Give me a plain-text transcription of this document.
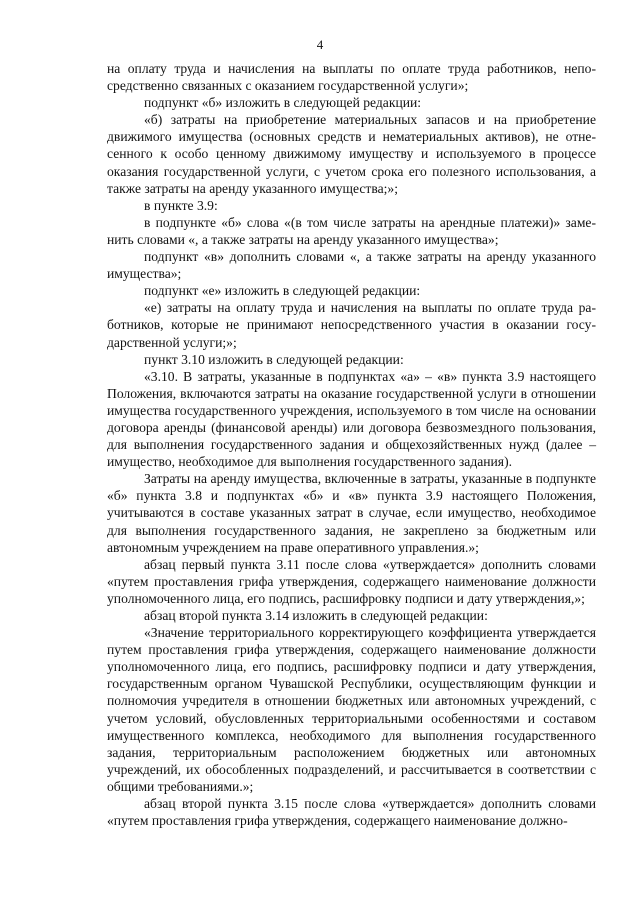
4

на оплату труда и начисления на выплаты по оплате труда работников, непосредственно связанных с оказанием государственной услуги»;

подпункт «б» изложить в следующей редакции:

«б) затраты на приобретение материальных запасов и на приобретение движимого имущества (основных средств и нематериальных активов), не отнесенного к особо ценному движимому имуществу и используемого в процессе оказания государственной услуги, с учетом срока его полезного использования, а также затраты на аренду указанного имущества;»;

в пункте 3.9:

в подпункте «б» слова «(в том числе затраты на арендные платежи)» заменить словами «, а также затраты на аренду указанного имущества»;

подпункт «в» дополнить словами «, а также затраты на аренду указанного имущества»;

подпункт «е» изложить в следующей редакции:

«е) затраты на оплату труда и начисления на выплаты по оплате труда работников, которые не принимают непосредственного участия в оказании государственной услуги;»;

пункт 3.10 изложить в следующей редакции:

«3.10. В затраты, указанные в подпунктах «а» – «в» пункта 3.9 настоящего Положения, включаются затраты на оказание государственной услуги в отношении имущества государственного учреждения, используемого в том числе на основании договора аренды (финансовой аренды) или договора безвозмездного пользования, для выполнения государственного задания и общехозяйственных нужд (далее – имущество, необходимое для выполнения государственного задания).

Затраты на аренду имущества, включенные в затраты, указанные в подпункте «б» пункта 3.8 и подпунктах «б» и «в» пункта 3.9 настоящего Положения, учитываются в составе указанных затрат в случае, если имущество, необходимое для выполнения государственного задания, не закреплено за бюджетным или автономным учреждением на праве оперативного управления.»;

абзац первый пункта 3.11 после слова «утверждается» дополнить словами «путем проставления грифа утверждения, содержащего наименование должности уполномоченного лица, его подпись, расшифровку подписи и дату утверждения,»;

абзац второй пункта 3.14 изложить в следующей редакции:

«Значение территориального корректирующего коэффициента утверждается путем проставления грифа утверждения, содержащего наименование должности уполномоченного лица, его подпись, расшифровку подписи и дату утверждения, государственным органом Чувашской Республики, осуществляющим функции и полномочия учредителя в отношении бюджетных или автономных учреждений, с учетом условий, обусловленных территориальными особенностями и составом имущественного комплекса, необходимого для выполнения государственного задания, территориальным расположением бюджетных или автономных учреждений, их обособленных подразделений, и рассчитывается в соответствии с общими требованиями.»;

абзац второй пункта 3.15 после слова «утверждается» дополнить словами «путем проставления грифа утверждения, содержащего наименование должно-
